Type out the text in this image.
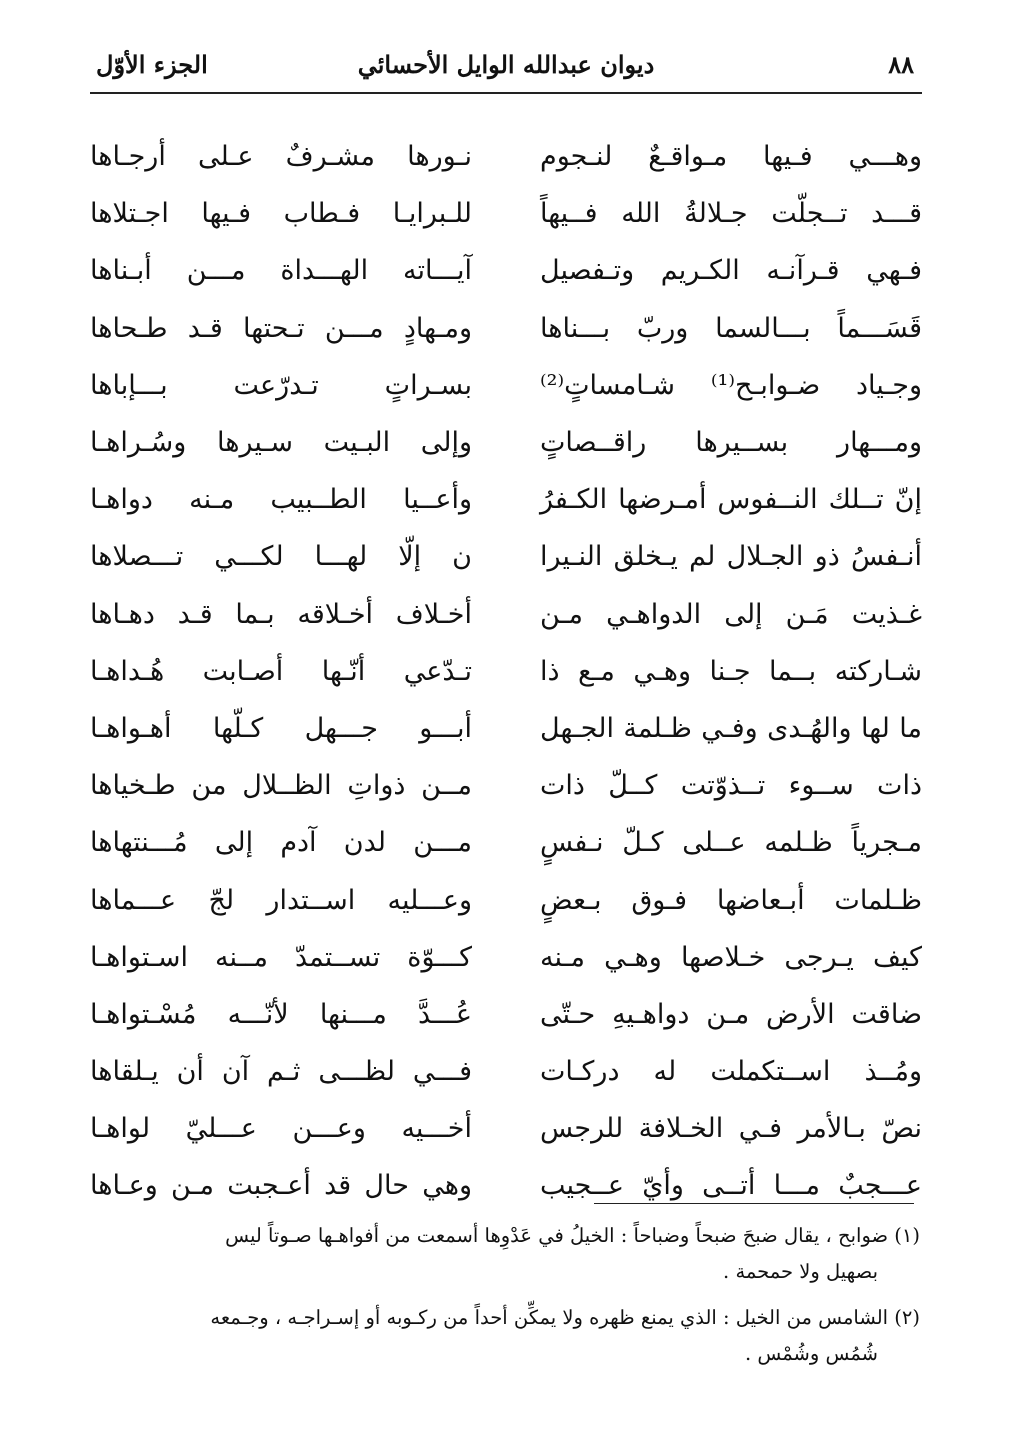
٨٨
ديوان عبدالله الوايل الأحسائي
الجزء الأوّل
وهـــي فـيها مـواقـعٌ لنـجوم
نـورها مشـرفٌ عـلى أرجـاها
قـــد تــجلّت جـلالةُ الله فــيهاً
للـبرايـا فـطاب فـيها اجـتلاها
فـهي قـرآنـه الكـريم وتـفصيل
آيـــاته الهـــداة مـــن أبـناها
قَسَـــماً بـــالسما وربّ بـــناها
ومـهادٍ مـــن تـحتها قـد طـحاها
وجـياد ضـوابـح⁽¹⁾ شـامساتٍ⁽²⁾
بسـراتٍ تـدرّعت بـــإباها
ومـــهار بســيرها راقــصاتٍ
وإلى البـيت سـيرها وسُـراهـا
إنّ تــلك النــفوس أمـرضها الكـفرُ
وأعــيا الطــبيب مـنه دواهـا
أنـفسُ ذو الجـلال لم يـخلق النـيرا
ن إلّا لهـــا لكـــي تـــصلاها
غـذيت مَـن إلى الدواهـي مـن
أخـلاف أخـلاقه بـما قـد دهـاها
شـاركته بــما جـنا وهـي مـع ذا
تـدّعي أنّـها أصـابت هُـداهـا
ما لها والهُـدى وفـي ظـلمة الجـهل
أبـــو جـــهل كـلّها أهـواهـا
ذات ســوء تــذوّتت كــلّ ذات
مــن ذواتِ الظــلال من طـخياها
مـجرياً ظـلمه عــلى كـلّ نـفسٍ
مـــن لدن آدم إلى مُـــنتهاها
ظـلمات أبـعاضها فـوق بـعضٍ
وعـــليه اســتدار لجّ عـــماها
كيف يـرجى خـلاصها وهـي مـنه
كـــوّة تســتمدّ مــنه اسـتواهـا
ضاقت الأرض مـن دواهـيهِ حـتّى
عُـــدَّ مـــنها لأنّـــه مُسْـتواهـا
ومُــذ اســتكملت له دركـات
فـــي لظـــى ثـم آن أن يـلقاها
نصّ بـالأمر فـي الخـلافة للرجس
أخـــيه وعـــن عـــليّ لواهـا
عـــجبٌ مـــا أتــى وأيّ عــجيب
وهي حال قد أعـجبت مـن وعـاها
(١) ضوابح ، يقال ضبحَ ضبحاً وضباحاً : الخيلُ في عَدْوِها أسمعت من أفواهـها صـوتاً ليس
بصهيل ولا حمحمة .
(٢) الشامس من الخيل : الذي يمنع ظهره ولا يمكِّن أحداً من ركـوبه أو إسـراجـه ، وجـمعه
شُمُس وشُمْس .
